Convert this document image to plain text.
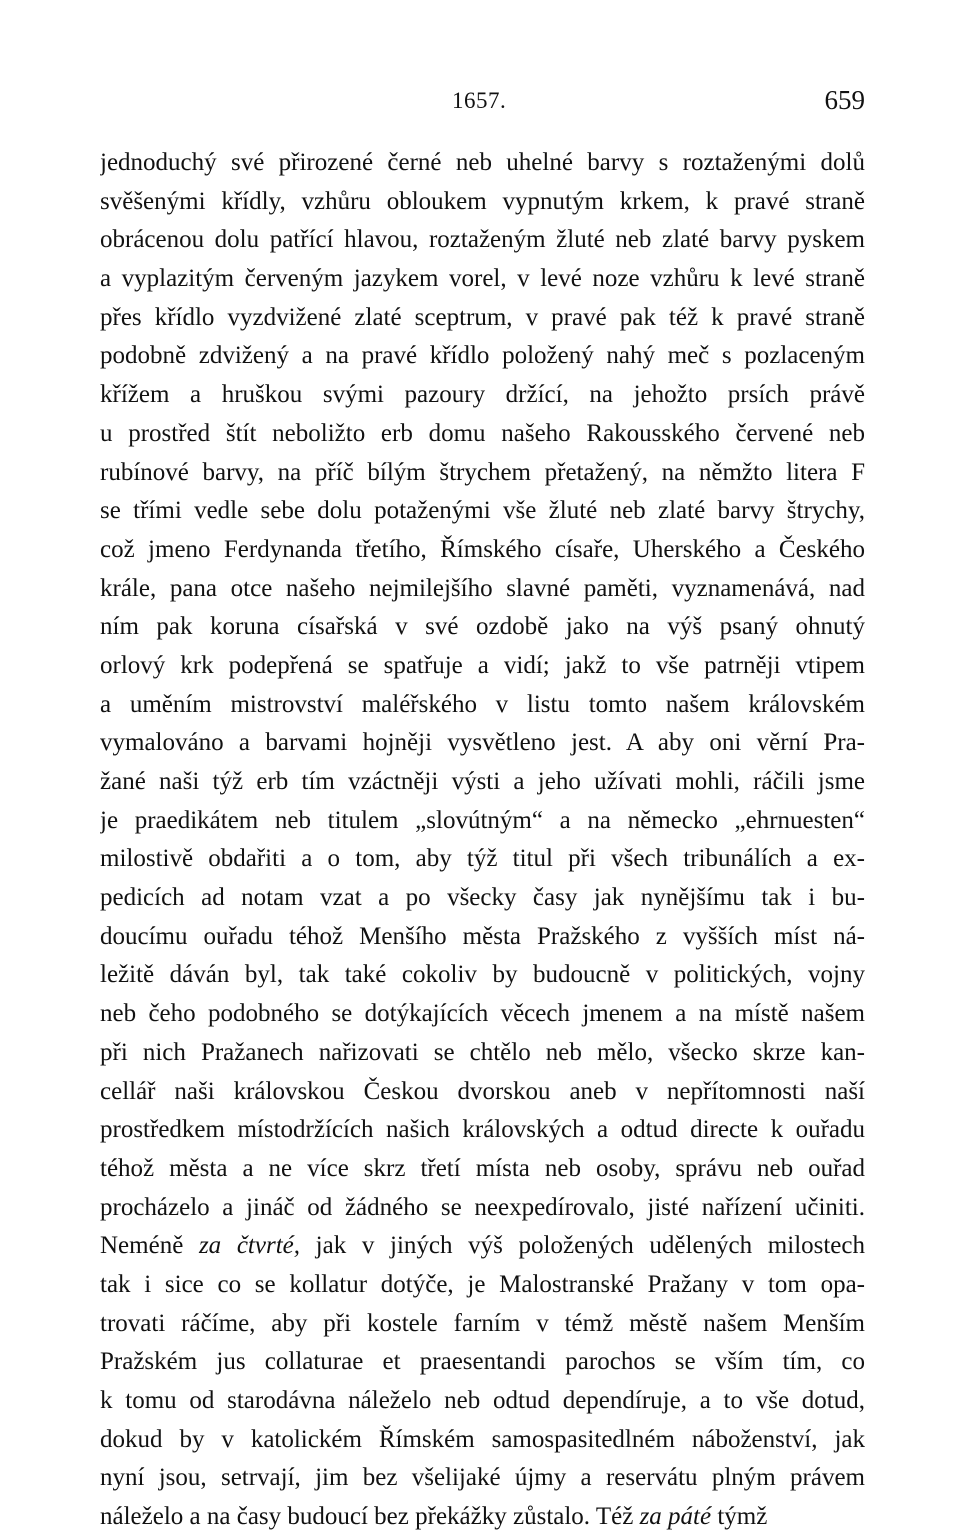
1657.	659
jednoduchý své přirozené černé neb uhelné barvy s roztaženými dolů
svěšenými křídly, vzhůru obloukem vypnutým krkem, k pravé straně
obrácenou dolu patřící hlavou, roztaženým žluté neb zlaté barvy pyskem
a vyplazitým červeným jazykem vorel, v levé noze vzhůru k levé straně
přes křídlo vyzdvižené zlaté sceptrum, v pravé pak též k pravé straně
podobně zdvižený a na pravé křídlo položený nahý meč s pozlaceným
křížem a hruškou svými pazoury držící, na jehožto prsích právě
u prostřed štít neboližto erb domu našeho Rakousského červené neb
rubínové barvy, na příč bílým štrychem přetažený, na němžto litera F
se třími vedle sebe dolu potaženými vše žluté neb zlaté barvy štrychy,
což jmeno Ferdynanda třetího, Římského císaře, Uherského a Českého
krále, pana otce našeho nejmilejšího slavné paměti, vyznamenává, nad
ním pak koruna císařská v své ozdobě jako na výš psaný ohnutý
orlový krk podepřená se spatřuje a vidí; jakž to vše patrněji vtipem
a uměním mistrovství maléřského v listu tomto našem královském
vymalováno a barvami hojněji vysvětleno jest. A aby oni věrní Pra-
žané naši týž erb tím vzáctněji výsti a jeho užívati mohli, ráčili jsme
je praedikátem neb titulem „slovútným“ a na německo „ehrnuesten“
milostivě obdařiti a o tom, aby týž titul při všech tribunálích a ex-
pedicích ad notam vzat a po všecky časy jak nynějšímu tak i bu-
doucímu ouřadu téhož Menšího města Pražského z vyšších míst ná-
ležitě dáván byl, tak také cokoliv by budoucně v politických, vojny
neb čeho podobného se dotýkajících věcech jmenem a na místě našem
při nich Pražanech nařizovati se chtělo neb mělo, všecko skrze kan-
cellář naši královskou Českou dvorskou aneb v nepřítomnosti naší
prostředkem místodržících našich královských a odtud directe k ouřadu
téhož města a ne více skrz třetí místa neb osoby, správu neb ouřad
procházelo a jináč od žádného se neexpedírovalo, jisté nařízení učiniti.
Neméně za čtvrté, jak v jiných výš položených udělených milostech
tak i sice co se kollatur dotýče, je Malostranské Pražany v tom opa-
trovati ráčíme, aby při kostele farním v témž městě našem Menším
Pražském jus collaturae et praesentandi parochos se vším tím, co
k tomu od starodávna náleželo neb odtud dependíruje, a to vše dotud,
dokud by v katolickém Římském samospasitedlném náboženství, jak
nyní jsou, setrvají, jim bez všelijaké újmy a reservátu plným právem
náleželo a na časy budoucí bez překážky zůstalo. Též za páté týmž
